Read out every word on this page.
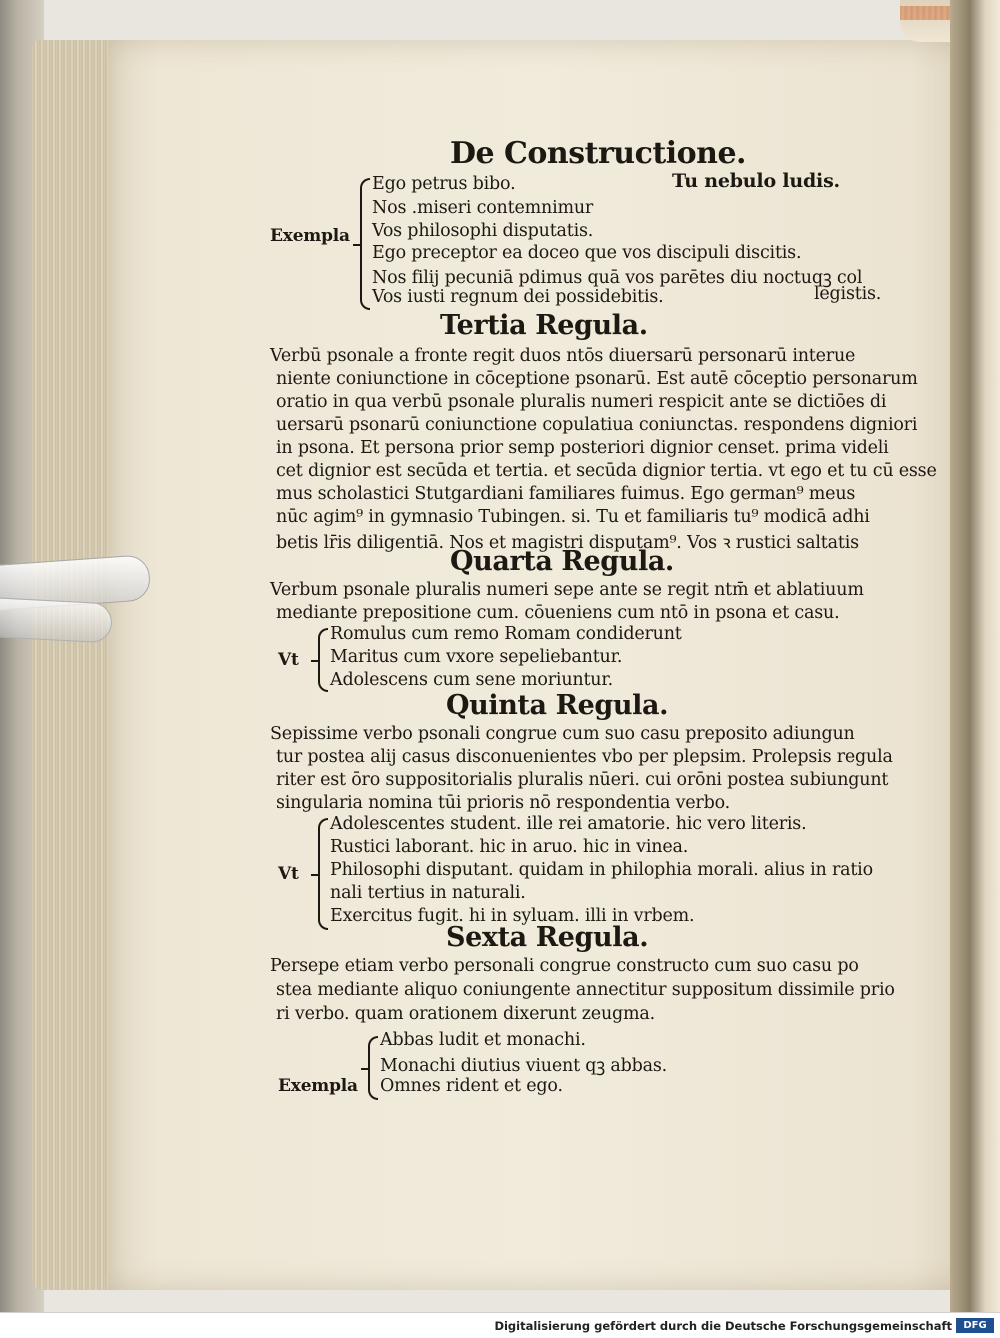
De Constructione.
Exempla
Ego petrus bibo.	Tu nebulo ludis.
Nos .miseri contemnimur
Vos philosophi disputatis.
Ego preceptor ea doceo que vos discipuli discitis.
Nos filij pecuniā pdimus quā vos parētes diu noctuqꝫ col
Vos iusti regnum dei possidebitis.	legistis.
Tertia Regula.
Verbū psonale a fronte regit duos ntōs diuersarū personarū interue
niente coniunctione in cōceptione psonarū. Est autē cōceptio personarum
oratio in qua verbū psonale pluralis numeri respicit ante se dictiōes di
uersarū psonarū coniunctione copulatiua coniunctas. respondens digniori
in psona. Et persona prior semp posteriori dignior censet. prima videli
cet dignior est secūda et tertia. et secūda dignior tertia. vt ego et tu cū esse
mus scholastici Stutgardiani familiares fuimus. Ego german⁹ meus
nūc agim⁹ in gymnasio Tubingen. si. Tu et familiaris tu⁹ modicā adhi
betis lr̄is diligentiā. Nos et magistri disputam⁹. Vos ꝛ rustici saltatis
Quarta Regula.
Verbum psonale pluralis numeri sepe ante se regit ntm̄ et ablatiuum
mediante prepositione cum. cōueniens cum ntō in psona et casu.
Vt
Romulus cum remo Romam condiderunt
Maritus cum vxore sepeliebantur.
Adolescens cum sene moriuntur.
Quinta Regula.
Sepissime verbo psonali congrue cum suo casu preposito adiungun
tur postea alij casus disconuenientes vbo per plepsim. Prolepsis regula
riter est ōro suppositorialis pluralis nūeri. cui orōni postea subiungunt
singularia nomina tūi prioris nō respondentia verbo.
Vt
Adolescentes student. ille rei amatorie. hic vero literis.
Rustici laborant. hic in aruo. hic in vinea.
Philosophi disputant. quidam in philophia morali. alius in ratio
nali tertius in naturali.
Exercitus fugit. hi in syluam. illi in vrbem.
Sexta Regula.
Persepe etiam verbo personali congrue constructo cum suo casu po
stea mediante aliquo coniungente annectitur suppositum dissimile prio
ri verbo. quam orationem dixerunt zeugma.
Exempla
Abbas ludit et monachi.
Monachi diutius viuent qꝫ abbas.
Omnes rident et ego.
Digitalisierung gefördert durch die Deutsche Forschungsgemeinschaft	DFG
